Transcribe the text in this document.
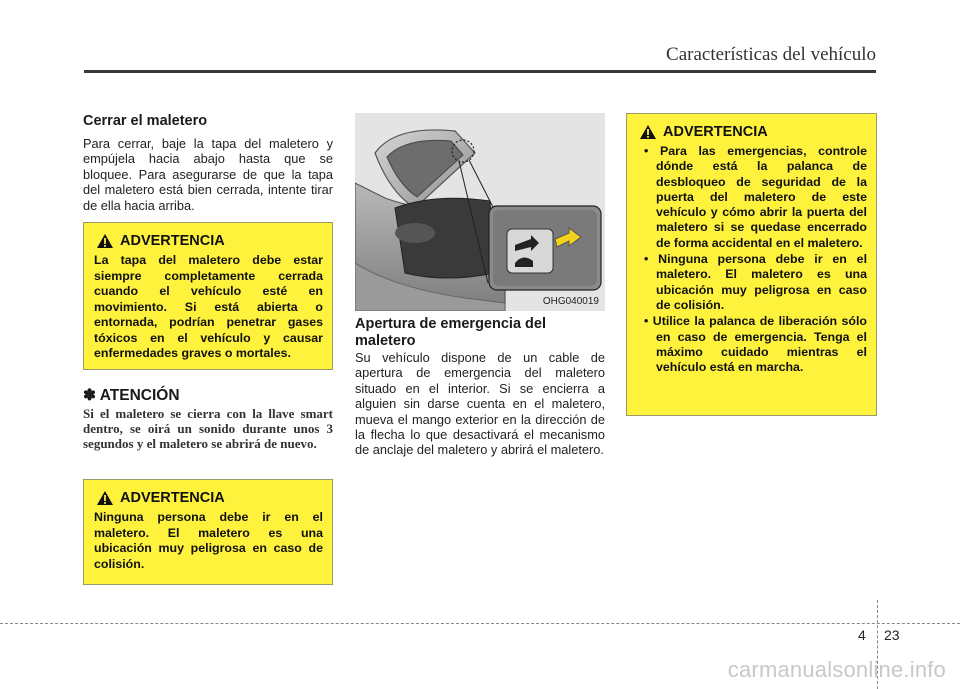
Características del vehículo
Cerrar el maletero
Para cerrar, baje la tapa del maletero y empújela hacia abajo hasta que se bloquee. Para asegurarse de que la tapa del maletero está bien cerrada, intente tirar de ella hacia arriba.
ADVERTENCIA
La tapa del maletero debe estar siempre completamente cerrada cuando el vehículo esté en movimiento. Si está abierta o entornada, podrían penetrar gases tóxicos en el vehículo y causar enfermedades graves o mortales.
✽ ATENCIÓN
Si el maletero se cierra con la llave smart dentro, se oirá un sonido durante unos 3 segundos y el maletero se abrirá de nuevo.
ADVERTENCIA
Ninguna persona debe ir en el maletero. El maletero es una ubicación muy peligrosa en caso de colisión.
OHG040019
Apertura de emergencia del maletero
Su vehículo dispone de un cable de apertura de emergencia del maletero situado en el interior. Si se encierra a alguien sin darse cuenta en el maletero, mueva el mango exterior en la dirección de la flecha lo que desactivará el mecanismo de anclaje del maletero y abrirá el maletero.
ADVERTENCIA
• Para las emergencias, controle dónde está la palanca de desbloqueo de seguridad de la puerta del maletero de este vehículo y cómo abrir la puerta del maletero si se quedase encerrado de forma accidental en el maletero.
• Ninguna persona debe ir en el maletero. El maletero es una ubicación muy peligrosa en caso de colisión.
• Utilice la palanca de liberación sólo en caso de emergencia. Tenga el máximo cuidado mientras el vehículo está en marcha.
4 23
carmanualsonline.info
